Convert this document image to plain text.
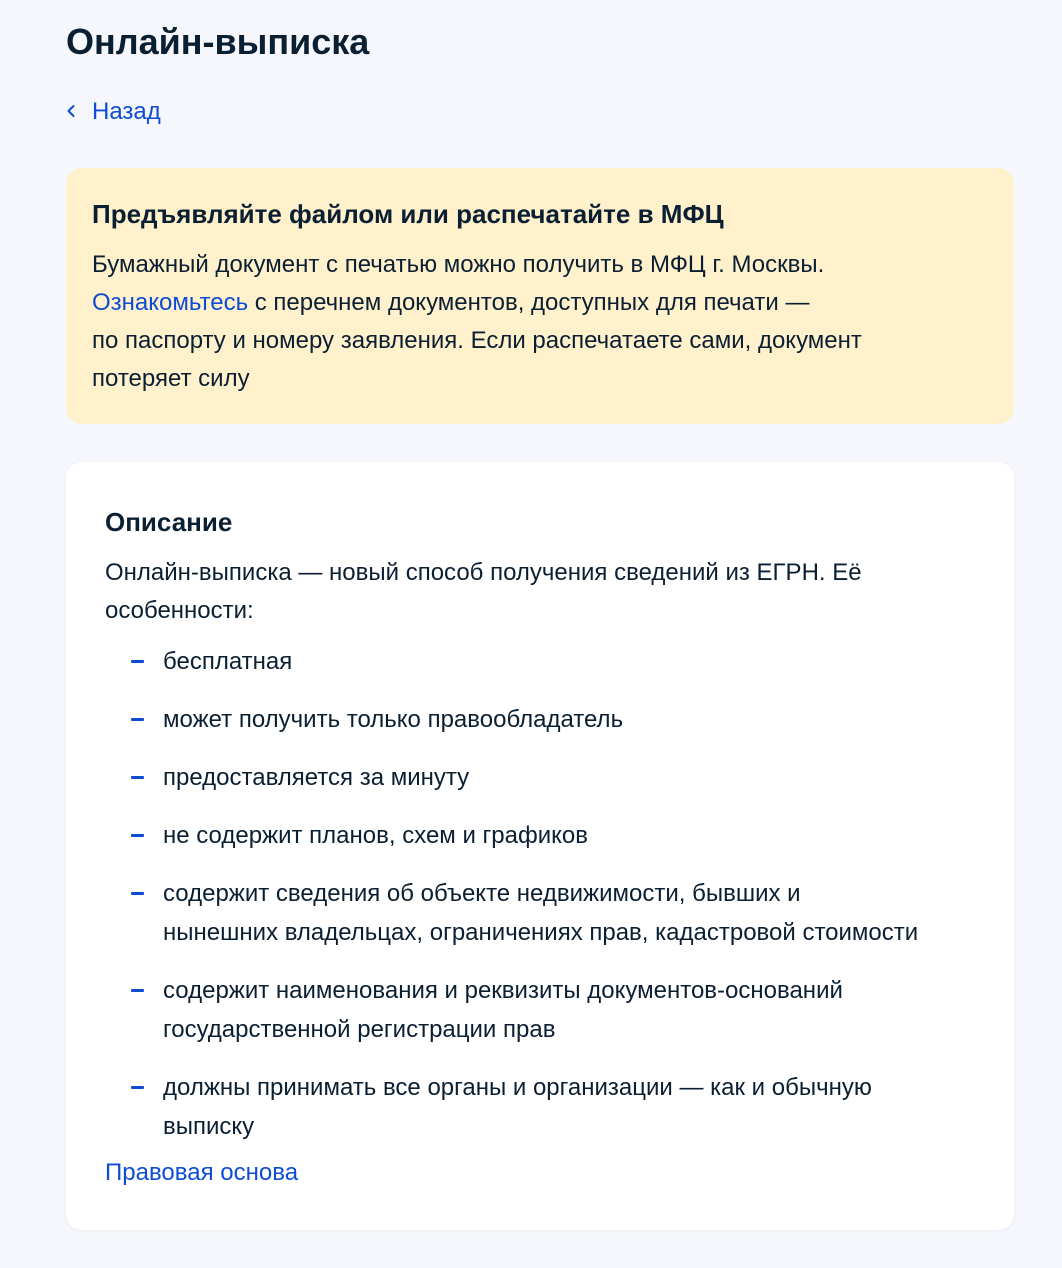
Онлайн-выписка
Назад
Предъявляйте файлом или распечатайте в МФЦ

Бумажный документ с печатью можно получить в МФЦ г. Москвы.
Ознакомьтесь с перечнем документов, доступных для печати —
по паспорту и номеру заявления. Если распечатаете сами, документ
потеряет силу

Описание

Онлайн-выписка — новый способ получения сведений из ЕГРН. Её
особенности:

бесплатная
может получить только правообладатель
предоставляется за минуту
не содержит планов, схем и графиков
содержит сведения об объекте недвижимости, бывших и
нынешних владельцах, ограничениях прав, кадастровой стоимости
содержит наименования и реквизиты документов-оснований
государственной регистрации прав
должны принимать все органы и организации — как и обычную
выписку
Правовая основа
